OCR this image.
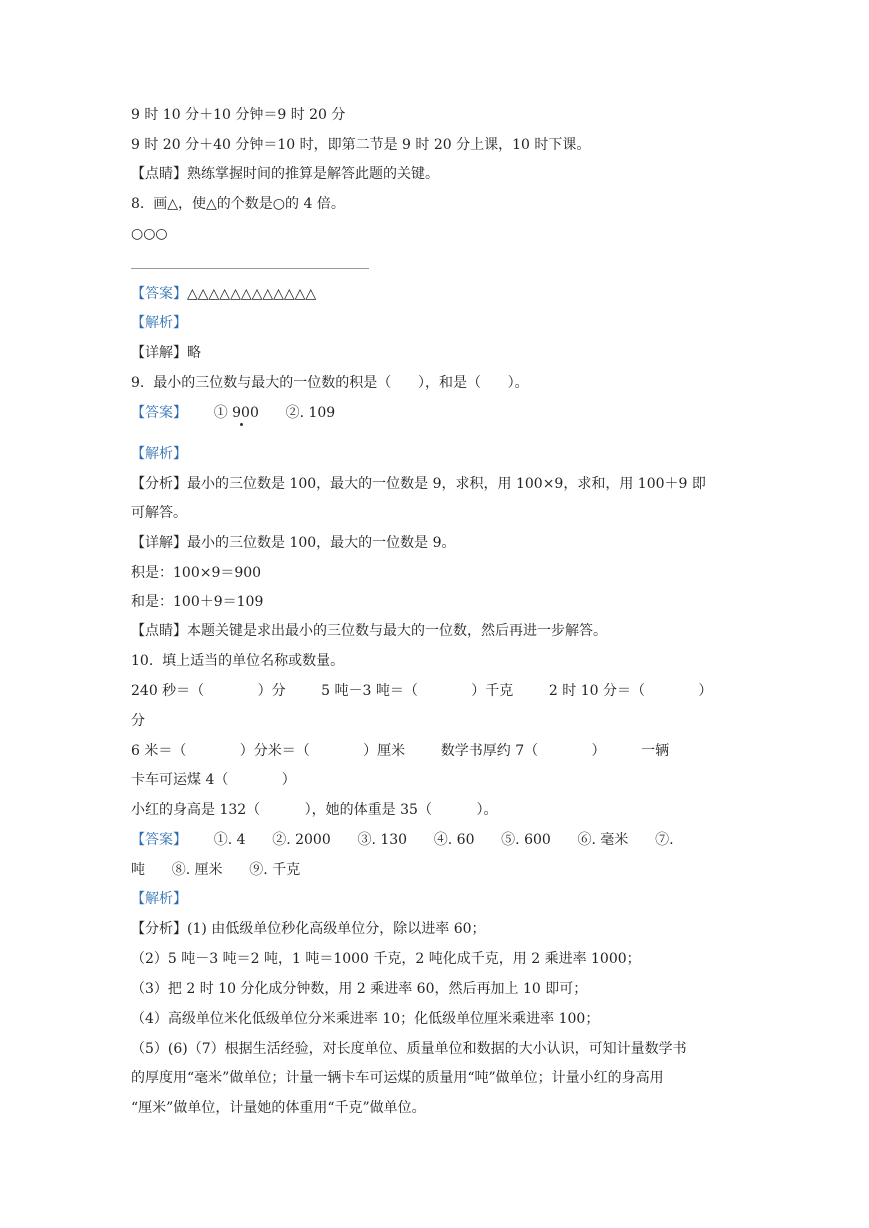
9 时 10 分＋10 分钟＝9 时 20 分
9 时 20 分＋40 分钟＝10 时，即第二节是 9 时 20 分上课，10 时下课。
【点睛】熟练掌握时间的推算是解答此题的关键。
8.  画△，使△的个数是○的 4 倍。
○○○
【答案】△△△△△△△△△△△△
【解析】
【详解】略
9.  最小的三位数与最大的一位数的积是（      ），和是（      ）。
【答案】      ① 900      ②. 109
【解析】
【分析】最小的三位数是 100，最大的一位数是 9，求积，用 100×9，求和，用 100＋9 即
可解答。
【详解】最小的三位数是 100，最大的一位数是 9。
积是：100×9＝900
和是：100＋9＝109
【点睛】本题关键是求出最小的三位数与最大的一位数，然后再进一步解答。
10.  填上适当的单位名称或数量。
240 秒＝（            ）分        5 吨－3 吨＝（            ）千克        2 时 10 分＝（            ）
分
6 米＝（            ）分米＝（            ）厘米        数学书厚约 7（            ）        一辆
卡车可运煤 4（            ）
小红的身高是 132（          ），她的体重是 35（          ）。
【答案】      ①. 4      ②. 2000      ③. 130      ④. 60      ⑤. 600      ⑥. 毫米      ⑦.
吨      ⑧. 厘米      ⑨. 千克
【解析】
【分析】(1) 由低级单位秒化高级单位分，除以进率 60；
（2）5 吨－3 吨＝2 吨，1 吨＝1000 千克，2 吨化成千克，用 2 乘进率 1000；
（3）把 2 时 10 分化成分钟数，用 2 乘进率 60，然后再加上 10 即可；
（4）高级单位米化低级单位分米乘进率 10；化低级单位厘米乘进率 100；
（5）(6)（7）根据生活经验，对长度单位、质量单位和数据的大小认识，可知计量数学书
的厚度用“毫米”做单位；计量一辆卡车可运煤的质量用“吨”做单位；计量小红的身高用
“厘米”做单位，计量她的体重用“千克”做单位。
